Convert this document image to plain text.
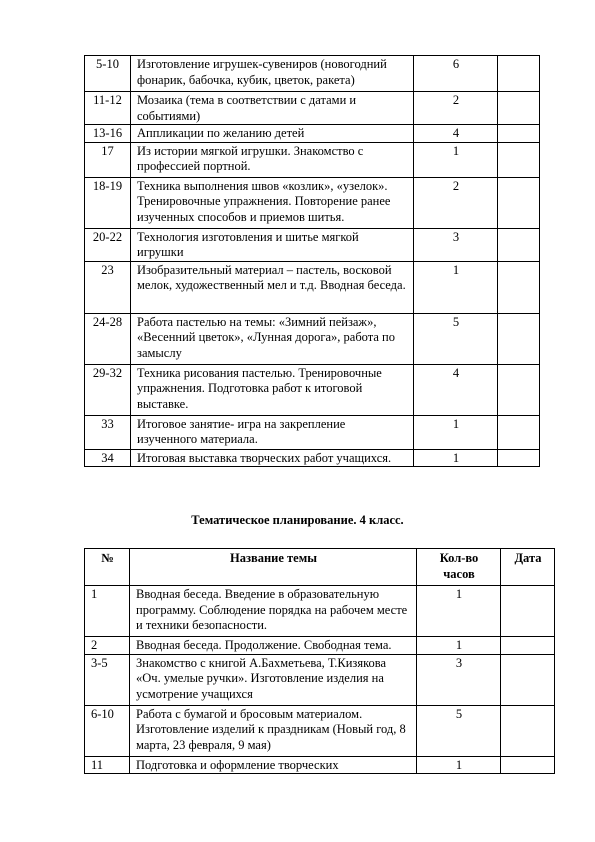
5-10	Изготовление игрушек-сувениров (новогодний фонарик, бабочка, кубик, цветок, ракета)	6	
11-12	Мозаика (тема в соответствии с датами и событиями)	2	
13-16	Аппликации по желанию детей	4	
17	Из истории мягкой игрушки. Знакомство с профессией портной.	1	
18-19	Техника выполнения швов «козлик», «узелок». Тренировочные упражнения. Повторение ранее изученных способов и приемов шитья.	2	
20-22	Технология изготовления и шитье мягкой игрушки	3	
23	Изобразительный материал – пастель, восковой мелок, художественный мел и т.д. Вводная беседа.	1	
24-28	Работа пастелью на темы: «Зимний пейзаж», «Весенний цветок», «Лунная дорога», работа по замыслу	5	
29-32	Техника рисования пастелью. Тренировочные упражнения. Подготовка работ к итоговой выставке.	4	
33	Итоговое занятие- игра на закрепление изученного материала.	1	
34	Итоговая выставка творческих работ учащихся.	1	
Тематическое планирование. 4 класс.
№	Название темы	Кол-во часов	Дата
1	Вводная беседа. Введение в образовательную программу. Соблюдение порядка на рабочем месте и техники безопасности.	1	
2	Вводная беседа. Продолжение. Свободная тема.	1	
3-5	Знакомство с книгой А.Бахметьева, Т.Кизякова «Оч. умелые ручки». Изготовление изделия на усмотрение учащихся	3	
6-10	Работа с бумагой и бросовым материалом. Изготовление изделий к праздникам (Новый год, 8 марта, 23 февраля, 9 мая)	5	
11	Подготовка и оформление творческих	1	
